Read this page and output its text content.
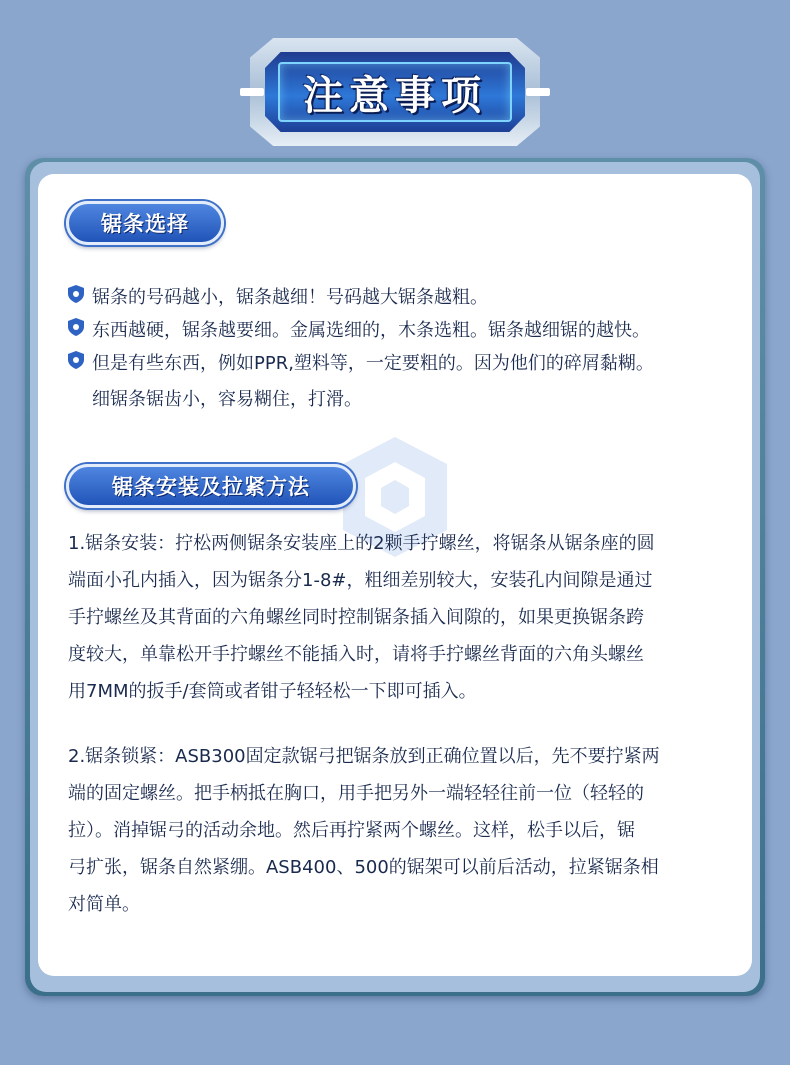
注意事项
锯条选择
锯条的号码越小，锯条越细！号码越大锯条越粗。
东西越硬，锯条越要细。金属选细的，木条选粗。锯条越细锯的越快。
但是有些东西，例如PPR,塑料等，一定要粗的。因为他们的碎屑黏糊。
细锯条锯齿小，容易糊住，打滑。
锯条安装及拉紧方法
1.锯条安装：拧松两侧锯条安装座上的2颗手拧螺丝，将锯条从锯条座的圆
端面小孔内插入，因为锯条分1-8#，粗细差别较大，安装孔内间隙是通过
手拧螺丝及其背面的六角螺丝同时控制锯条插入间隙的，如果更换锯条跨
度较大，单靠松开手拧螺丝不能插入时，请将手拧螺丝背面的六角头螺丝
用7MM的扳手/套筒或者钳子轻轻松一下即可插入。
2.锯条锁紧：ASB300固定款锯弓把锯条放到正确位置以后，先不要拧紧两
端的固定螺丝。把手柄抵在胸口，用手把另外一端轻轻往前一位（轻轻的
拉）。消掉锯弓的活动余地。然后再拧紧两个螺丝。这样，松手以后，锯
弓扩张，锯条自然紧绷。ASB400、500的锯架可以前后活动，拉紧锯条相
对简单。
